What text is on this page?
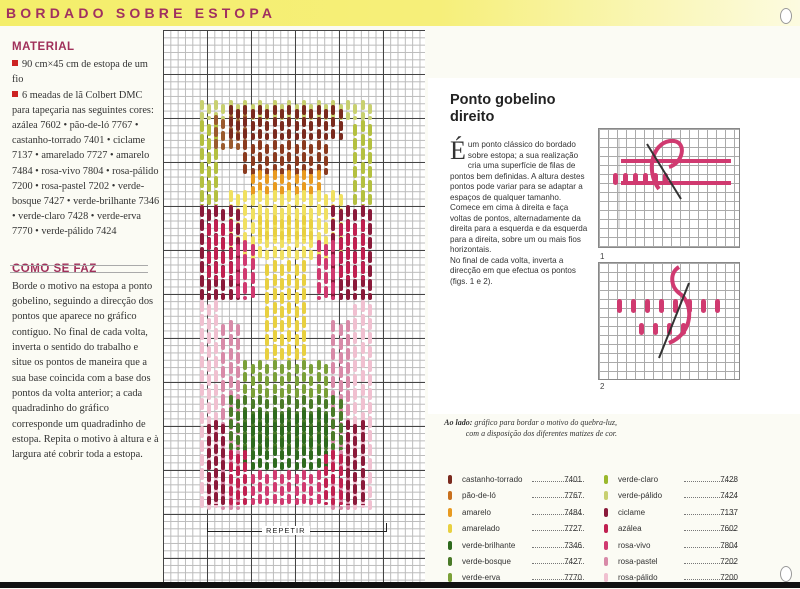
BORDADO SOBRE ESTOPA
MATERIAL
90 cm×45 cm de estopa de um fio
6 meadas de lã Colbert DMC para tapeçaria nas seguintes cores: azálea 7602 • pão-de-ló 7767 • castanho-torrado 7401 • ciclame 7137 • amarelado 7727 • amarelo 7484 • rosa-vivo 7804 • rosa-pálido 7200 • rosa-pastel 7202 • verde-bosque 7427 • verde-brilhante 7346 • verde-claro 7428 • verde-erva 7770 • verde-pálido 7424
COMO SE FAZ
Borde o motivo na estopa a ponto gobelino, seguindo a direcção dos pontos que aparece no gráfico contíguo. No final de cada volta, inverta o sentido do trabalho e situe os pontos de maneira que a sua base coincida com a base dos pontos da volta anterior; a cada quadradinho do gráfico corresponde um quadradinho de estopa. Repita o motivo à altura e à largura até cobrir toda a estopa.
REPETIR
Ponto gobelino direito
É um ponto clássico do bordado sobre estopa; a sua realização cria uma superfície de filas de pontos bem definidas. A altura destes pontos pode variar para se adaptar a espaços de qualquer tamanho. Comece em cima à direita e faça voltas de pontos, alternadamente da direita para a esquerda e da esquerda para a direita, sobre um ou mais fios horizontais.
No final de cada volta, inverta a direcção em que efectua os pontos (figs. 1 e 2).
1
2
Ao lado: gráfico para bordar o motivo do quebra-luz, com a disposição dos diferentes matizes de cor.
castanho-torrado	7401
pão-de-ló	7767
amarelo	7484
amarelado	7727
verde-brilhante	7346
verde-bosque	7427
verde-erva	7770
verde-claro	7428
verde-pálido	7424
ciclame	7137
azálea	7602
rosa-vivo	7804
rosa-pastel	7202
rosa-pálido	7200
